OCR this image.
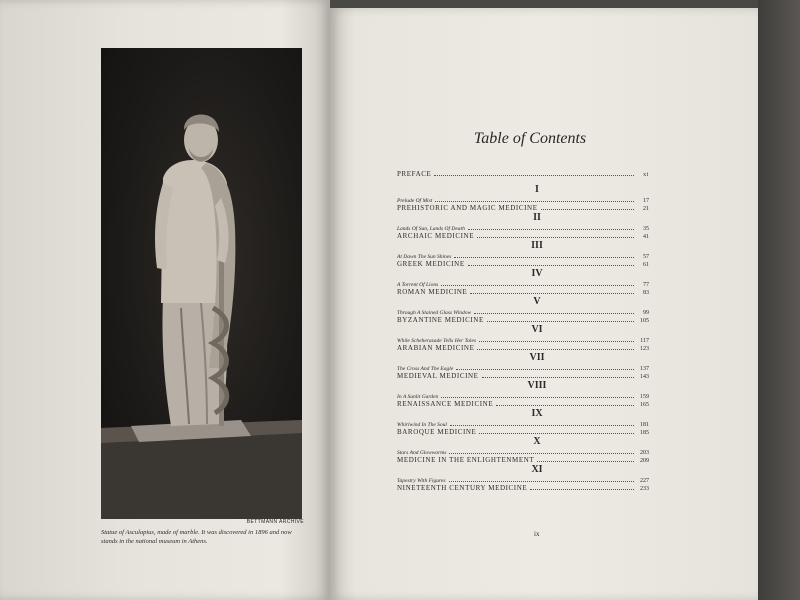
BETTMANN ARCHIVE
Statue of Asculapius, made of marble. It was discovered in 1896 and now stands in the national museum in Athens.
Table of Contents
PREFACE	xi
I
Prelude Of Mist	17
PREHISTORIC AND MAGIC MEDICINE	21
II
Lands Of Sun, Lands Of Death	35
ARCHAIC MEDICINE	41
III
At Dawn The Sun Shines	57
GREEK MEDICINE	61
IV
A Torrent Of Lions	77
ROMAN MEDICINE	83
V
Through A Stained Glass Window	99
BYZANTINE MEDICINE	105
VI
While Scheherazade Tells Her Tales	117
ARABIAN MEDICINE	123
VII
The Cross And The Eagle	137
MEDIEVAL MEDICINE	143
VIII
In A Sunlit Garden	159
RENAISSANCE MEDICINE	165
IX
Whirlwind In The Soul	181
BAROQUE MEDICINE	185
X
Stars And Glowworms	203
MEDICINE IN THE ENLIGHTENMENT	209
XI
Tapestry With Figures	227
NINETEENTH CENTURY MEDICINE	233
ix
